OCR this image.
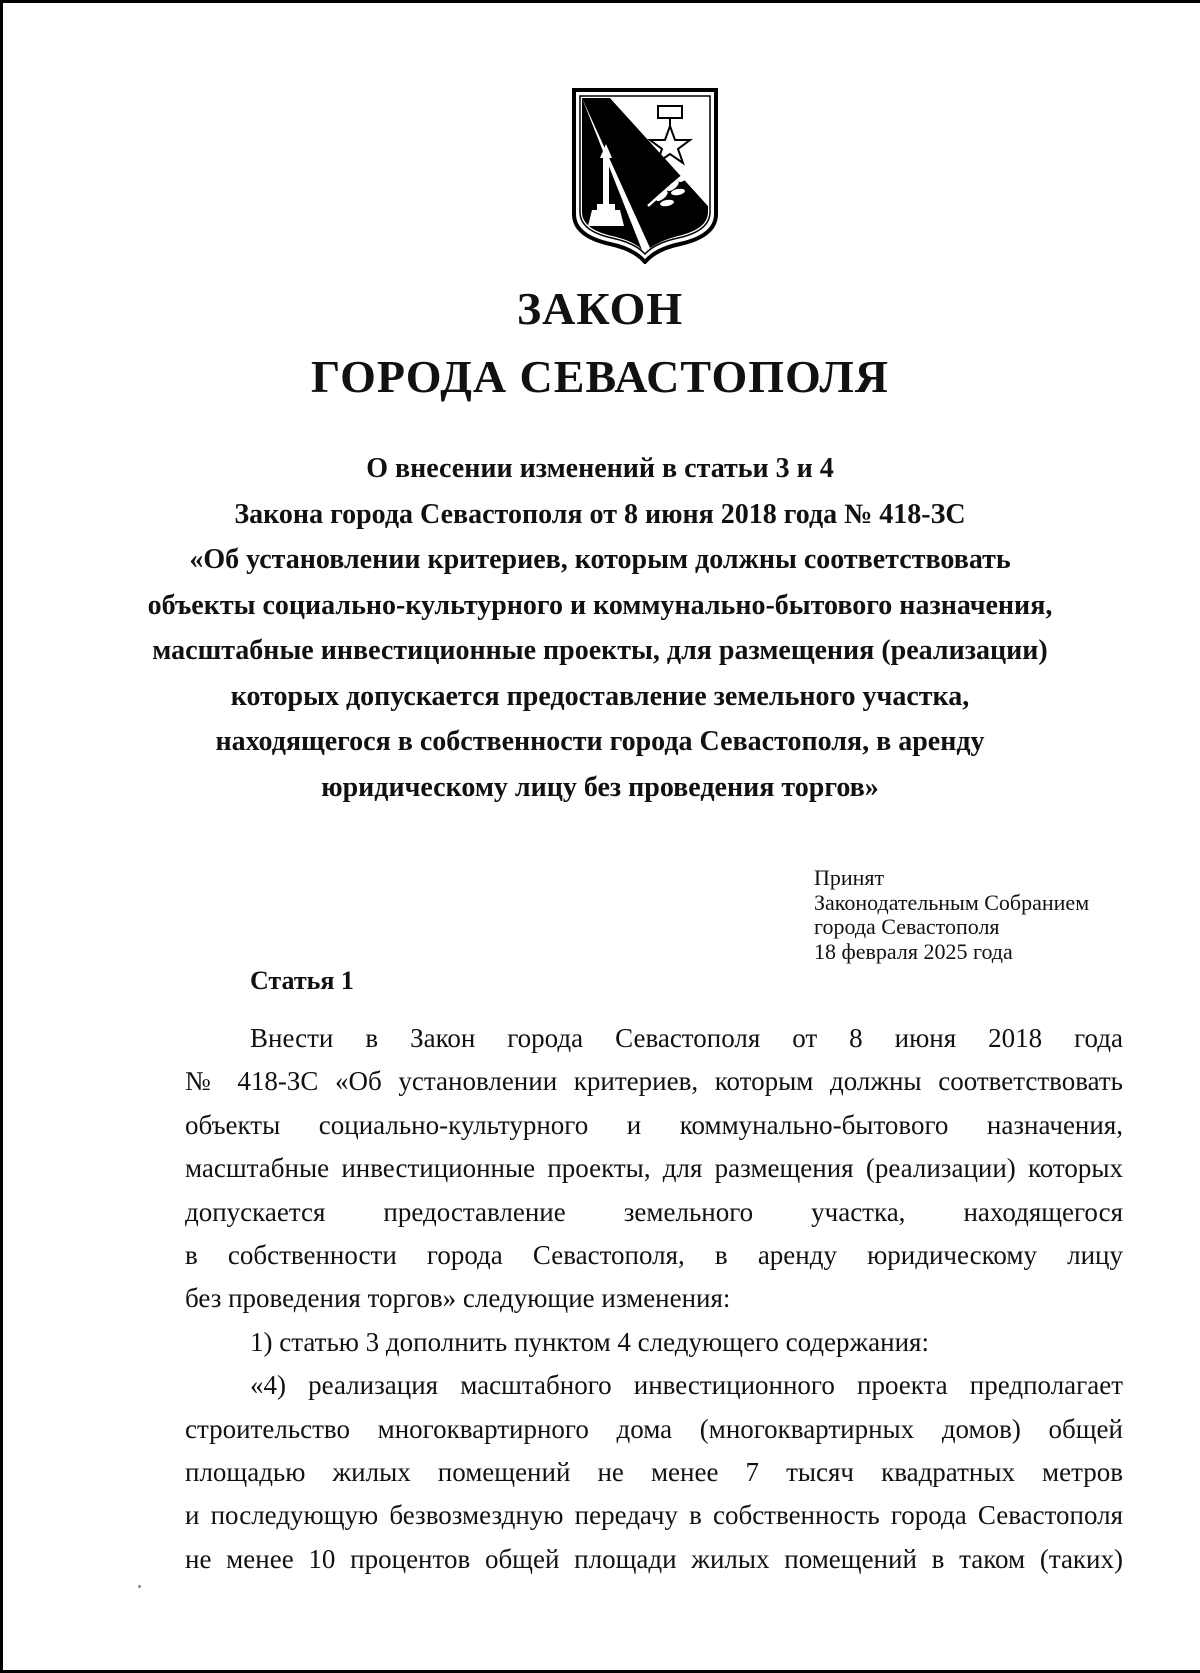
ЗАКОН
ГОРОДА СЕВАСТОПОЛЯ
О внесении изменений в статьи 3 и 4
Закона города Севастополя от 8 июня 2018 года № 418-ЗС
«Об установлении критериев, которым должны соответствовать
объекты социально-культурного и коммунально-бытового назначения,
масштабные инвестиционные проекты, для размещения (реализации)
которых допускается предоставление земельного участка,
находящегося в собственности города Севастополя, в аренду
юридическому лицу без проведения торгов»
Принят
Законодательным Собранием
города Севастополя
18 февраля 2025 года
Статья 1
Внести в Закон города Севастополя от 8 июня 2018 года
№ 418-ЗС «Об установлении критериев, которым должны соответствовать
объекты социально-культурного и коммунально-бытового назначения,
масштабные инвестиционные проекты, для размещения (реализации) которых
допускается предоставление земельного участка, находящегося
в собственности города Севастополя, в аренду юридическому лицу
без проведения торгов» следующие изменения:
1) статью 3 дополнить пунктом 4 следующего содержания:
«4) реализация масштабного инвестиционного проекта предполагает
строительство многоквартирного дома (многоквартирных домов) общей
площадью жилых помещений не менее 7 тысяч квадратных метров
и последующую безвозмездную передачу в собственность города Севастополя
не менее 10 процентов общей площади жилых помещений в таком (таких)
